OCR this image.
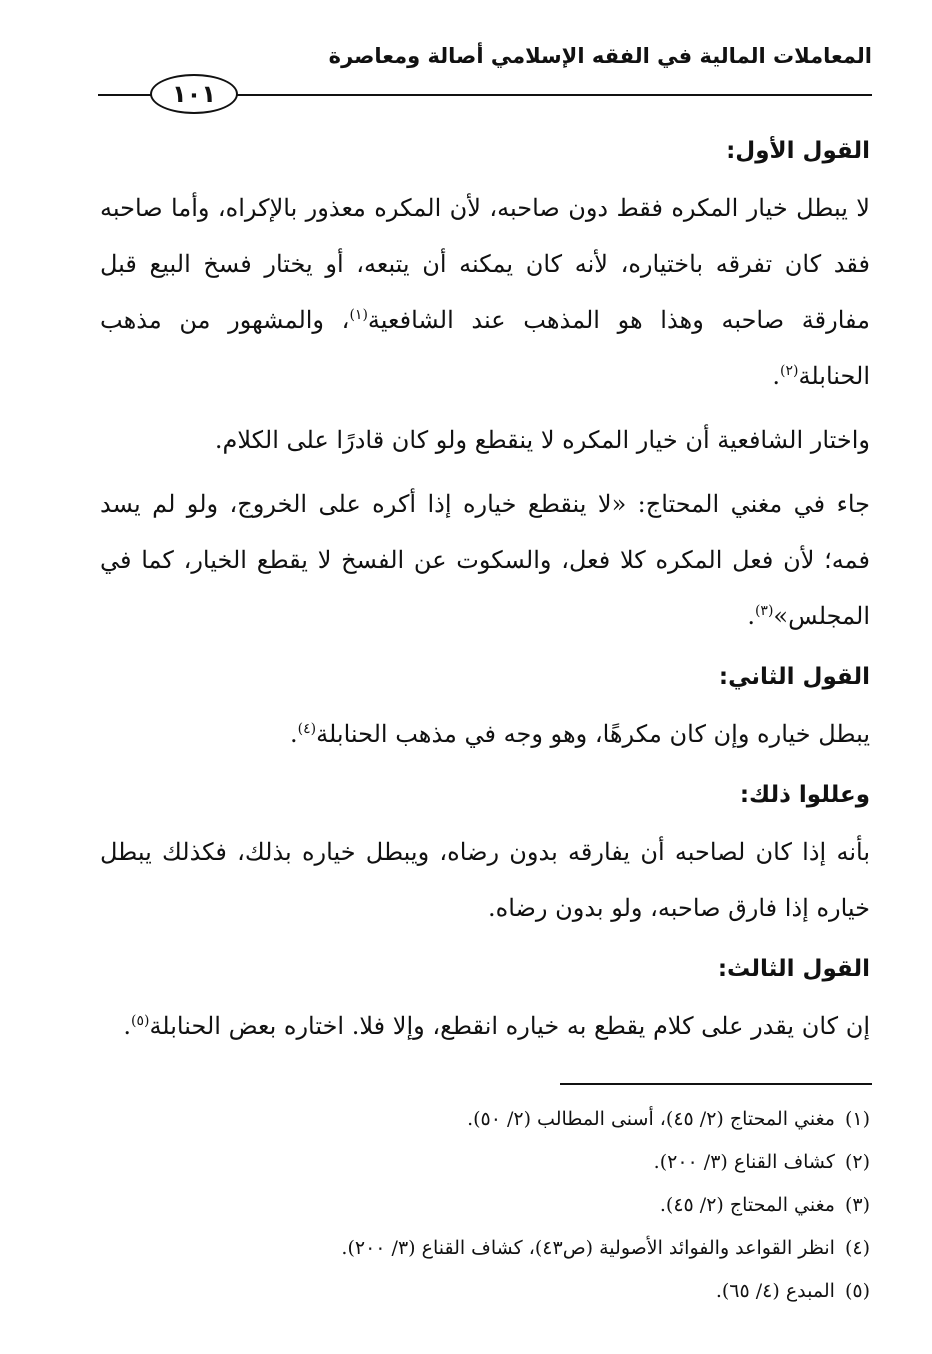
المعاملات المالية في الفقه الإسلامي أصالة ومعاصرة
١٠١
القول الأول:

لا يبطل خيار المكره فقط دون صاحبه، لأن المكره معذور بالإكراه، وأما صاحبه فقد كان تفرقه باختياره، لأنه كان يمكنه أن يتبعه، أو يختار فسخ البيع قبل مفارقة صاحبه وهذا هو المذهب عند الشافعية$^{(١)}$، والمشهور من مذهب الحنابلة$^{(٢)}$.

واختار الشافعية أن خيار المكره لا ينقطع ولو كان قادرًا على الكلام.

جاء في مغني المحتاج: «لا ينقطع خياره إذا أكره على الخروج، ولو لم يسد فمه؛ لأن فعل المكره كلا فعل، والسكوت عن الفسخ لا يقطع الخيار، كما في المجلس»$^{(٣)}$.

القول الثاني:

يبطل خياره وإن كان مكرهًا، وهو وجه في مذهب الحنابلة$^{(٤)}$.

وعللوا ذلك:

بأنه إذا كان لصاحبه أن يفارقه بدون رضاه، ويبطل خياره بذلك، فكذلك يبطل خياره إذا فارق صاحبه، ولو بدون رضاه.

القول الثالث:

إن كان يقدر على كلام يقطع به خياره انقطع، وإلا فلا. اختاره بعض الحنابلة$^{(٥)}$.

(١)مغني المحتاج (٢/ ٤٥)، أسنى المطالب (٢/ ٥٠).
(٢)كشاف القناع (٣/ ٢٠٠).
(٣)مغني المحتاج (٢/ ٤٥).
(٤)انظر القواعد والفوائد الأصولية (ص٤٣)، كشاف القناع (٣/ ٢٠٠).
(٥)المبدع (٤/ ٦٥).
